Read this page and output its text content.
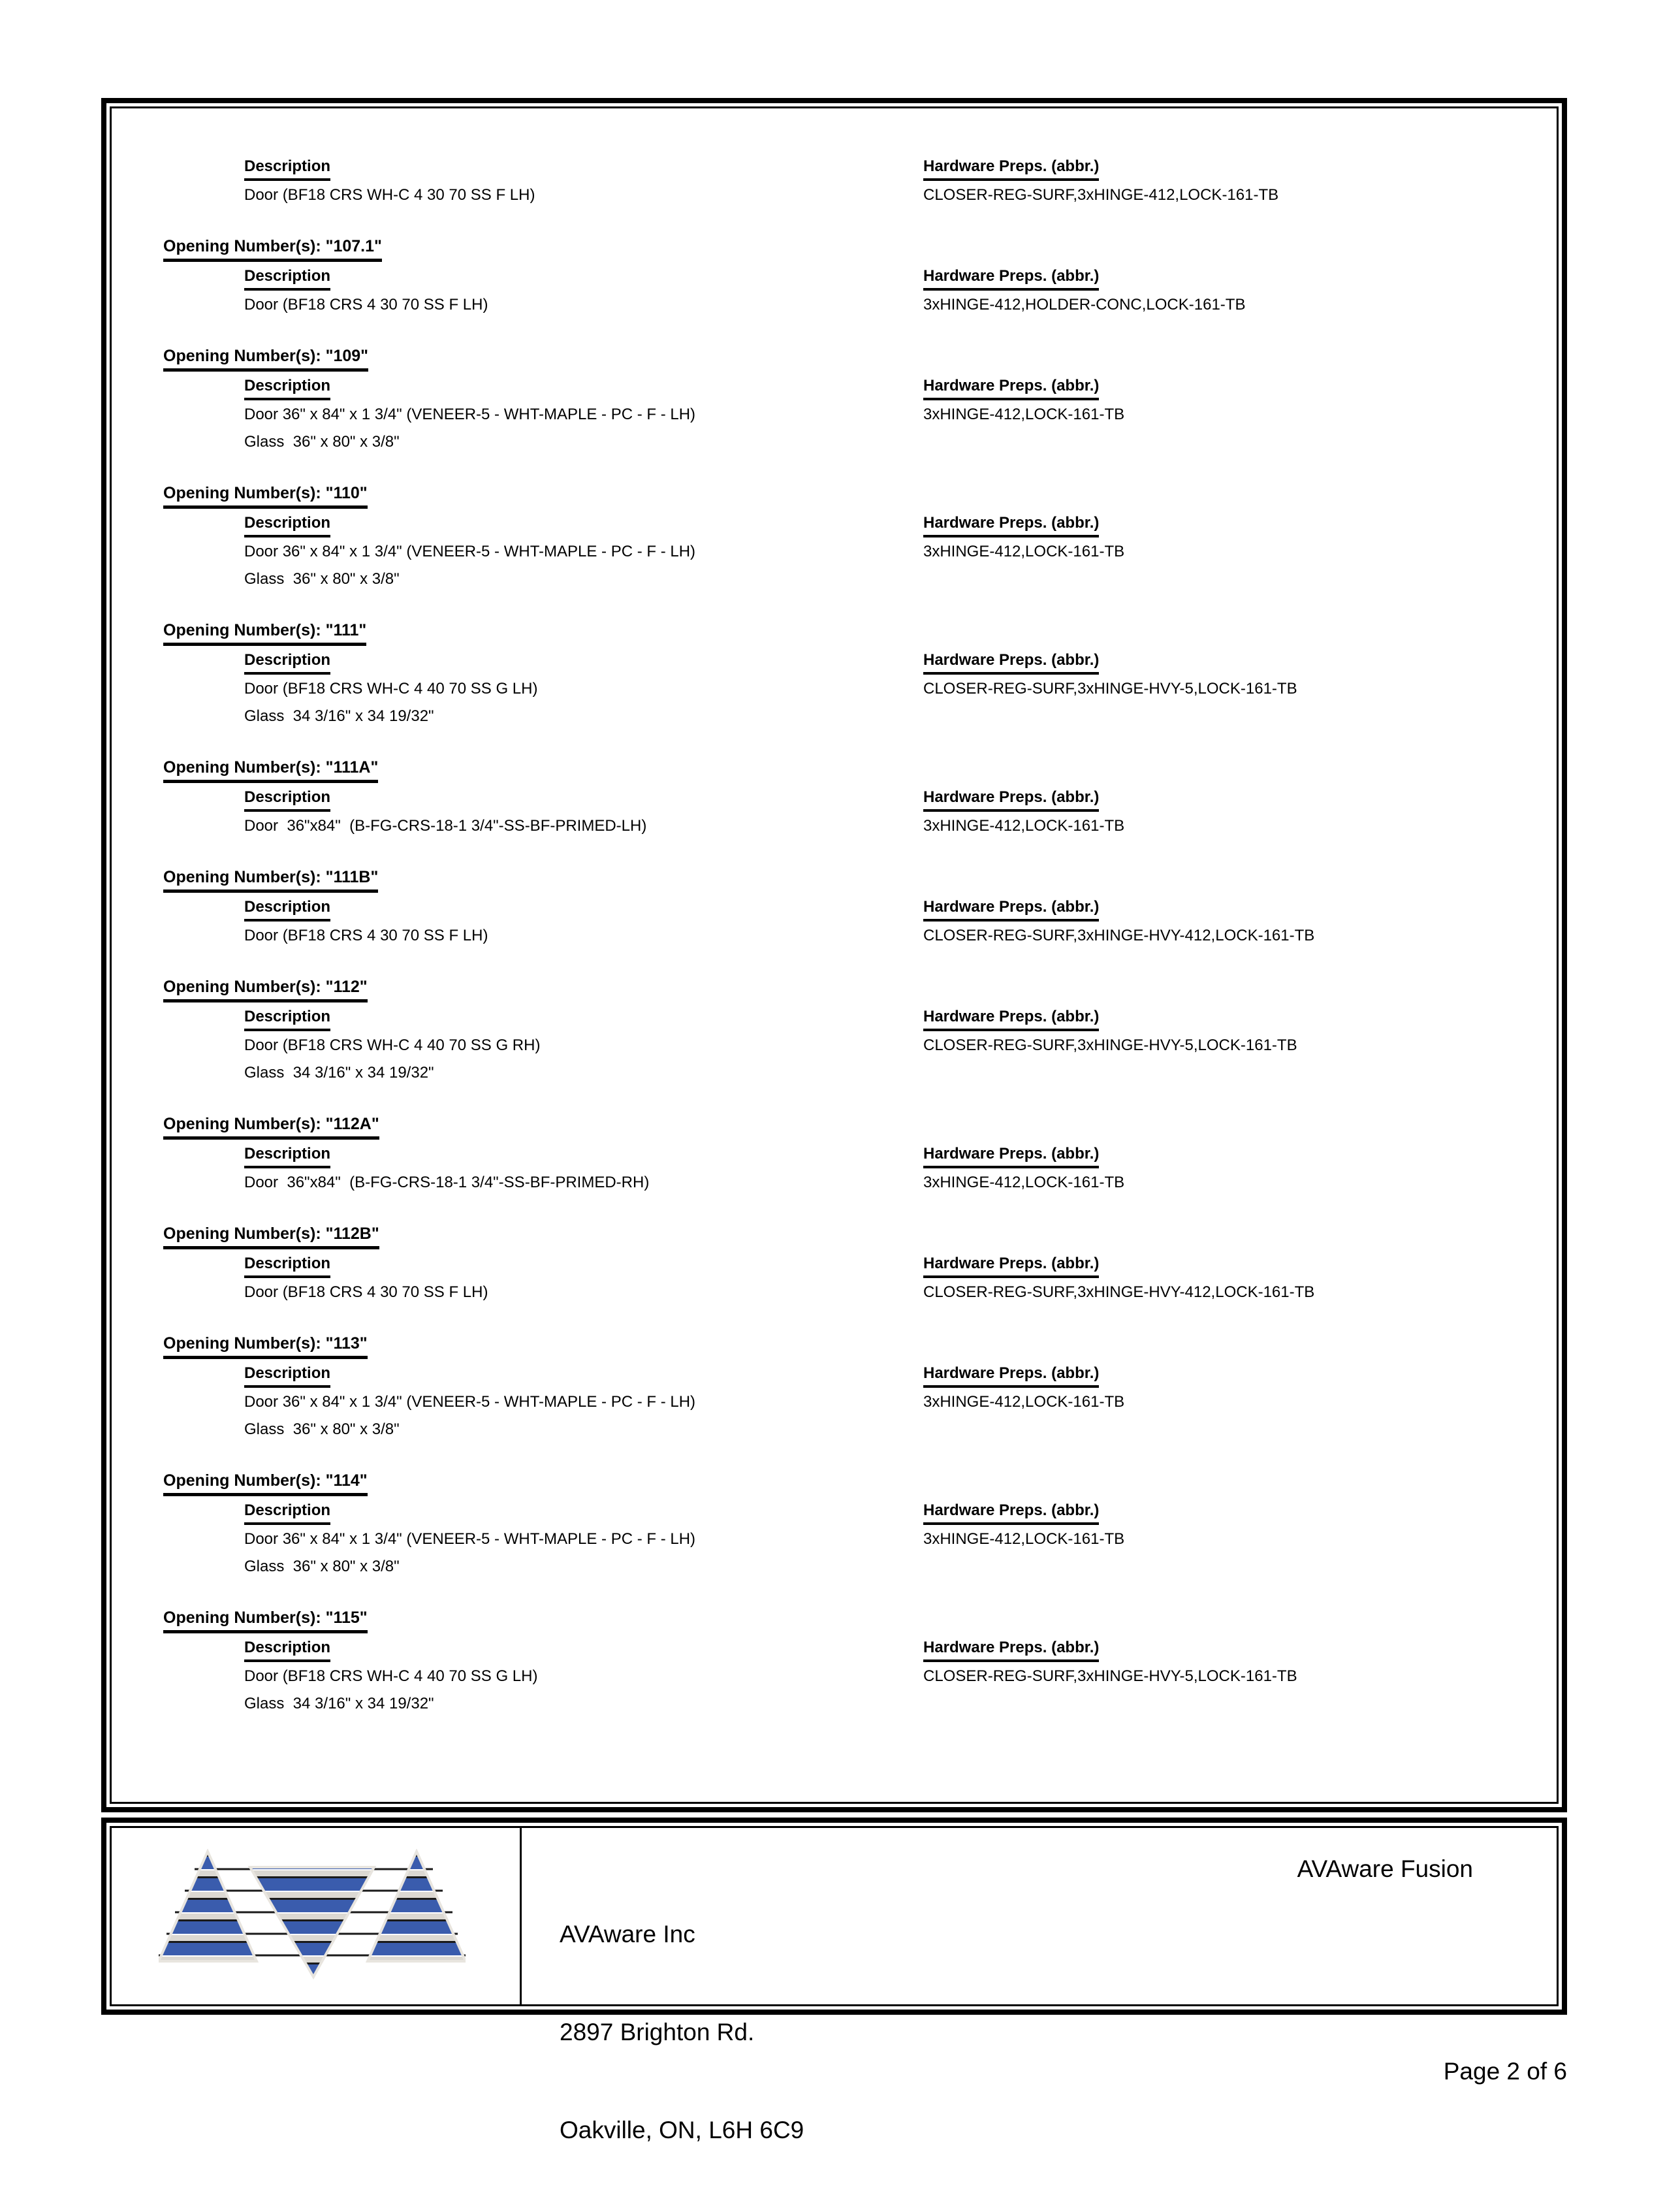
Description	Hardware Preps. (abbr.)
Door (BF18 CRS WH-C 4 30 70 SS F LH)	CLOSER-REG-SURF,3xHINGE-412,LOCK-161-TB
Opening Number(s): "107.1"
Description	Hardware Preps. (abbr.)
Door (BF18 CRS 4 30 70 SS F LH)	3xHINGE-412,HOLDER-CONC,LOCK-161-TB
Opening Number(s): "109"
Description	Hardware Preps. (abbr.)
Door 36" x 84" x 1 3/4" (VENEER-5 - WHT-MAPLE - PC - F - LH)	3xHINGE-412,LOCK-161-TB
Glass  36" x 80" x 3/8"
Opening Number(s): "110"
Description	Hardware Preps. (abbr.)
Door 36" x 84" x 1 3/4" (VENEER-5 - WHT-MAPLE - PC - F - LH)	3xHINGE-412,LOCK-161-TB
Glass  36" x 80" x 3/8"
Opening Number(s): "111"
Description	Hardware Preps. (abbr.)
Door (BF18 CRS WH-C 4 40 70 SS G LH)	CLOSER-REG-SURF,3xHINGE-HVY-5,LOCK-161-TB
Glass  34 3/16" x 34 19/32"
Opening Number(s): "111A"
Description	Hardware Preps. (abbr.)
Door  36"x84"  (B-FG-CRS-18-1 3/4"-SS-BF-PRIMED-LH)	3xHINGE-412,LOCK-161-TB
Opening Number(s): "111B"
Description	Hardware Preps. (abbr.)
Door (BF18 CRS 4 30 70 SS F LH)	CLOSER-REG-SURF,3xHINGE-HVY-412,LOCK-161-TB
Opening Number(s): "112"
Description	Hardware Preps. (abbr.)
Door (BF18 CRS WH-C 4 40 70 SS G RH)	CLOSER-REG-SURF,3xHINGE-HVY-5,LOCK-161-TB
Glass  34 3/16" x 34 19/32"
Opening Number(s): "112A"
Description	Hardware Preps. (abbr.)
Door  36"x84"  (B-FG-CRS-18-1 3/4"-SS-BF-PRIMED-RH)	3xHINGE-412,LOCK-161-TB
Opening Number(s): "112B"
Description	Hardware Preps. (abbr.)
Door (BF18 CRS 4 30 70 SS F LH)	CLOSER-REG-SURF,3xHINGE-HVY-412,LOCK-161-TB
Opening Number(s): "113"
Description	Hardware Preps. (abbr.)
Door 36" x 84" x 1 3/4" (VENEER-5 - WHT-MAPLE - PC - F - LH)	3xHINGE-412,LOCK-161-TB
Glass  36" x 80" x 3/8"
Opening Number(s): "114"
Description	Hardware Preps. (abbr.)
Door 36" x 84" x 1 3/4" (VENEER-5 - WHT-MAPLE - PC - F - LH)	3xHINGE-412,LOCK-161-TB
Glass  36" x 80" x 3/8"
Opening Number(s): "115"
Description	Hardware Preps. (abbr.)
Door (BF18 CRS WH-C 4 40 70 SS G LH)	CLOSER-REG-SURF,3xHINGE-HVY-5,LOCK-161-TB
Glass  34 3/16" x 34 19/32"

AVAware Inc

2897 Brighton Rd.

Oakville, ON, L6H 6C9

AVAware Fusion
Page 2 of 6
